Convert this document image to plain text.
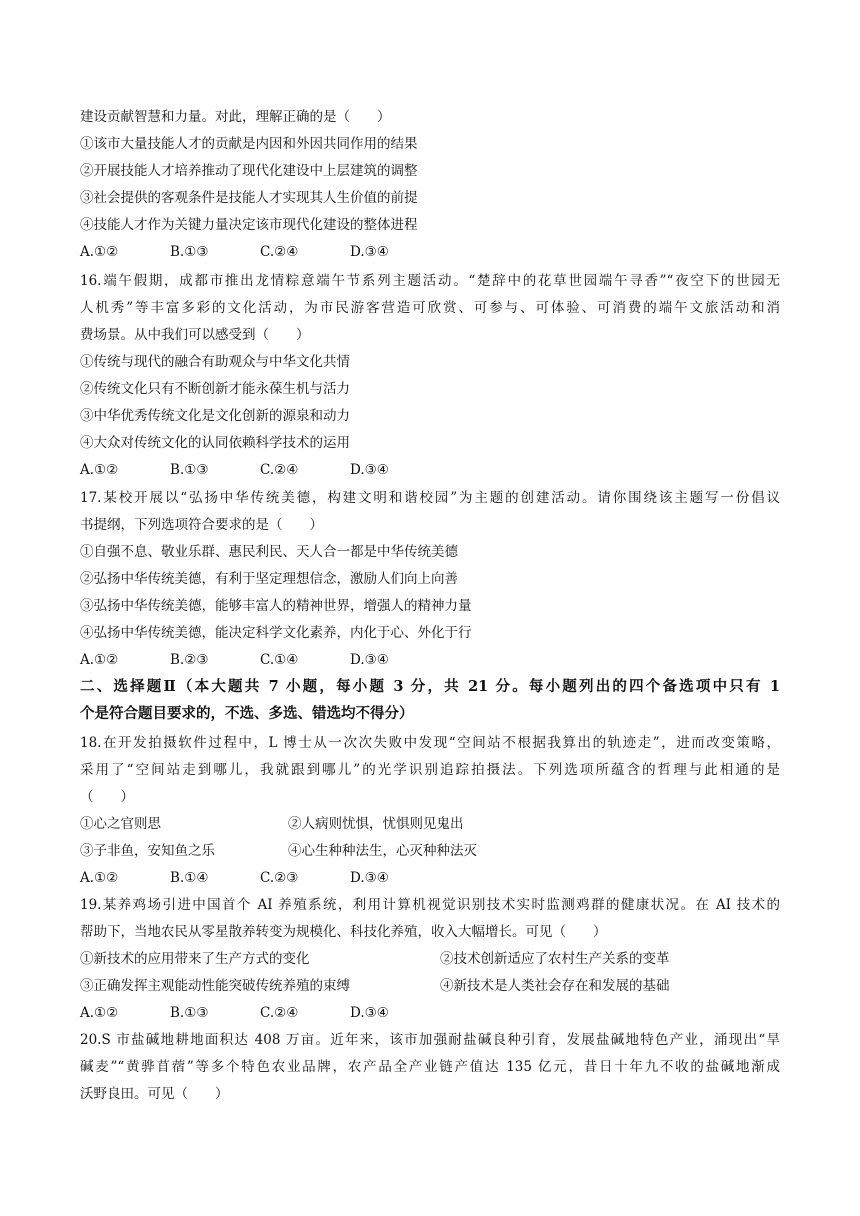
建设贡献智慧和力量。对此，理解正确的是（　　）
①该市大量技能人才的贡献是内因和外因共同作用的结果
②开展技能人才培养推动了现代化建设中上层建筑的调整
③社会提供的客观条件是技能人才实现其人生价值的前提
④技能人才作为关键力量决定该市现代化建设的整体进程
A.①②	B.①③	C.②④	D.③④
16.端午假期，成都市推出龙情粽意端午节系列主题活动。“楚辞中的花草世园端午寻香”“夜空下的世园无
人机秀”等丰富多彩的文化活动，为市民游客营造可欣赏、可参与、可体验、可消费的端午文旅活动和消
费场景。从中我们可以感受到（　　）
①传统与现代的融合有助观众与中华文化共情
②传统文化只有不断创新才能永葆生机与活力
③中华优秀传统文化是文化创新的源泉和动力
④大众对传统文化的认同依赖科学技术的运用
A.①②	B.①③	C.②④	D.③④
17.某校开展以“弘扬中华传统美德，构建文明和谐校园”为主题的创建活动。请你围绕该主题写一份倡议
书提纲，下列选项符合要求的是（　　）
①自强不息、敬业乐群、惠民利民、天人合一都是中华传统美德
②弘扬中华传统美德，有利于坚定理想信念，激励人们向上向善
③弘扬中华传统美德，能够丰富人的精神世界，增强人的精神力量
④弘扬中华传统美德，能决定科学文化素养，内化于心、外化于行
A.①②	B.②③	C.①④	D.③④
二、选择题Ⅱ（本大题共 7 小题，每小题 3 分，共 21 分。每小题列出的四个备选项中只有 1
个是符合题目要求的，不选、多选、错选均不得分）
18.在开发拍摄软件过程中，L 博士从一次次失败中发现“空间站不根据我算出的轨迹走”，进而改变策略，
采用了“空间站走到哪儿，我就跟到哪儿”的光学识别追踪拍摄法。下列选项所蕴含的哲理与此相通的是
（　　）
①心之官则思	②人病则忧惧，忧惧则见鬼出
③子非鱼，安知鱼之乐	④心生种种法生，心灭种种法灭
A.①②	B.①④	C.②③	D.③④
19.某养鸡场引进中国首个 AI 养殖系统，利用计算机视觉识别技术实时监测鸡群的健康状况。在 AI 技术的
帮助下，当地农民从零星散养转变为规模化、科技化养殖，收入大幅增长。可见（　　）
①新技术的应用带来了生产方式的变化	②技术创新适应了农村生产关系的变革
③正确发挥主观能动性能突破传统养殖的束缚	④新技术是人类社会存在和发展的基础
A.①②	B.①③	C.②④	D.③④
20.S 市盐碱地耕地面积达 408 万亩。近年来，该市加强耐盐碱良种引育，发展盐碱地特色产业，涌现出“旱
碱麦”“黄骅苜蓿”等多个特色农业品牌，农产品全产业链产值达 135 亿元，昔日十年九不收的盐碱地渐成
沃野良田。可见（　　）
